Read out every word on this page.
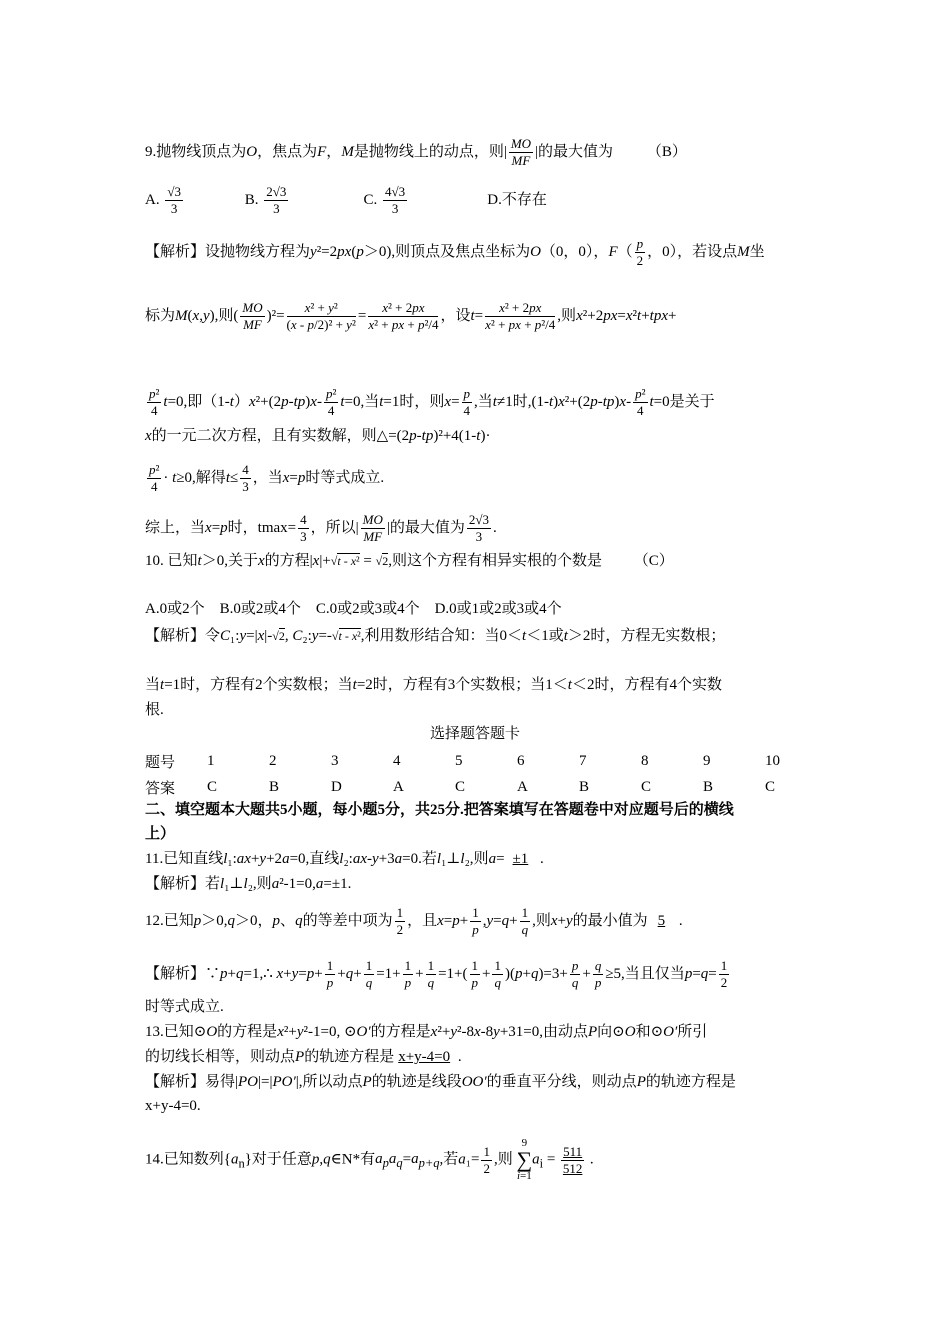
9.抛物线顶点为O，焦点为F，M是抛物线上的动点，则| $\frac{MO}{MF}$ |的最大值为 （B）
A. $\frac{√3}{3}$	B. $\frac{2√3}{3}$	C. $\frac{4√3}{3}$	D.不存在
【解析】设抛物线方程为y²=2px(p＞0),则顶点及焦点坐标为O（0，0），$F( \frac{p}{2}$ ，0），若设点M坐
标为M(x,y),则( $\frac{MO}{MF} )^2= \frac{\text{x² + y²}}{\text{(x - p/2)² + y²}} = \frac{\text{x² + 2px}}{\text{x² + px + p²/4}}$ ，设$t= \frac{\text{x² + 2px}}{\text{x² + px + p²/4}}$ ,则x²+2px=x²t+tpx+
$\frac{\text{p²}}{4} t=0$,即$(1-t)x^2+(2p-tp)x- \frac{\text{p²}}{4} t=0$,当t=1时，则$x= \frac{p}{4}$ ,当t≠1时$,(1-t)x^2+(2p-tp)x- \frac{\text{p²}}{4} t=0$是关于
x的一元二次方程，且有实数解，则△=(2p-tp)²+4(1-t)·
$\frac{\text{p²}}{4} \cdot t\ge 0$,解得$t\le \frac{4}{3}$ ，当x=p时等式成立.
综上，当x=p时，$tmax= \frac{4}{3}$ ，所以| $\frac{MO}{MF}$ |的最大值为 $\frac{2√3}{3}$ .
10. 已知t＞0,关于x的方程|x|+√t - x² = √2,则这个方程有相异实根的个数是 （C）
A.0或2个　B.0或2或4个　C.0或2或3或4个　D.0或1或2或3或4个
【解析】令C₁:y=|x|-√2, C₂:y=-√t - x²,利用数形结合知：当0＜t＜1或t＞2时，方程无实数根；
当t=1时，方程有2个实数根；当t=2时，方程有3个实数根；当1＜t＜2时，方程有4个实数
根.
选择题答题卡
题号	1	2	3	4	5	6	7	8	9	10
答案	C	B	D	A	C	A	B	C	B	C
二、填空题本大题共5小题，每小题5分，共25分.把答案填写在答题卷中对应题号后的横线
上）
11.已知直线l₁:ax+y+2a=0,直线l₂:ax-y+3a=0.若l₁⊥l₂,则a= ±1 .
【解析】若l₁⊥l₂,则a²-1=0,a=±1.
12.已知p＞0,q＞0，p、q的等差中项为 $\frac{1}{2}$ ，且$x=p+ \frac{1}{p} ,y=q+ \frac{1}{q}$ ,则x+y的最小值为 5 .
【解析】∵p+q=1,∴ $x+y=p+ \frac{1}{p} +q+ \frac{1}{q} =1+ \frac{1}{p} + \frac{1}{q} =1+( \frac{1}{p} + \frac{1}{q} )(p+q)=3+ \frac{p}{q} + \frac{q}{p} \ge 5$,当且仅当$p=q= \frac{1}{2}$
时等式成立.
13.已知⊙O的方程是x²+y²-1=0, ⊙O′的方程是x²+y²-8x-8y+31=0,由动点P向⊙O和⊙O′所引
的切线长相等，则动点P的轨迹方程是 x+y-4=0 .
【解析】易得|PO|=|PO′|,所以动点P的轨迹是线段OO′的垂直平分线，则动点P的轨迹方程是
x+y-4=0.
14.已知数列$\{a_n\}$对于任意p,q∈N*有$a_pa_q=a_{p+q}$,若$a_1= \frac{1}{2}$ ,则 9
∑
$i=1a_i = \frac{511}{512}$ .
